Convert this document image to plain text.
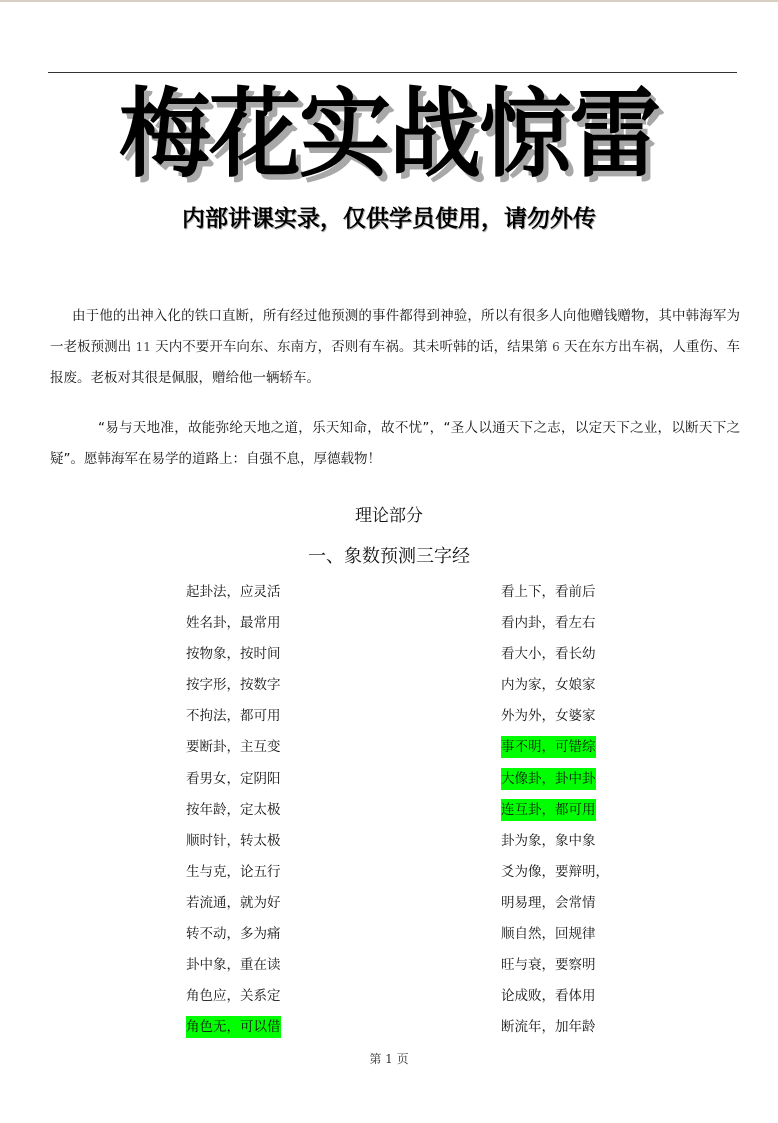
梅花实战惊雷
内部讲课实录，仅供学员使用，请勿外传
由于他的出神入化的铁口直断，所有经过他预测的事件都得到神验，所以有很多人向他赠钱赠物，其中韩海军为一老板预测出 11 天内不要开车向东、东南方，否则有车祸。其未听韩的话，结果第 6 天在东方出车祸，人重伤、车报废。老板对其很是佩服，赠给他一辆轿车。
“易与天地准，故能弥纶天地之道，乐天知命，故不忧”，“圣人以通天下之志，以定天下之业，以断天下之疑”。愿韩海军在易学的道路上：自强不息，厚德载物！
理论部分
一、象数预测三字经
起卦法，应灵活
姓名卦，最常用
按物象，按时间
按字形，按数字
不拘法，都可用
要断卦，主互变
看男女，定阴阳
按年龄，定太极
顺时针，转太极
生与克，论五行
若流通，就为好
转不动，多为痛
卦中象，重在读
角色应，关系定
角色无，可以借
看上下，看前后
看内卦，看左右
看大小，看长幼
内为家，女娘家
外为外，女婆家
事不明，可错综
大像卦，卦中卦
连互卦，都可用
卦为象，象中象
爻为像，要辩明，
明易理，会常情
顺自然，回规律
旺与衰，要察明
论成败，看体用
断流年，加年龄
第 1 页
